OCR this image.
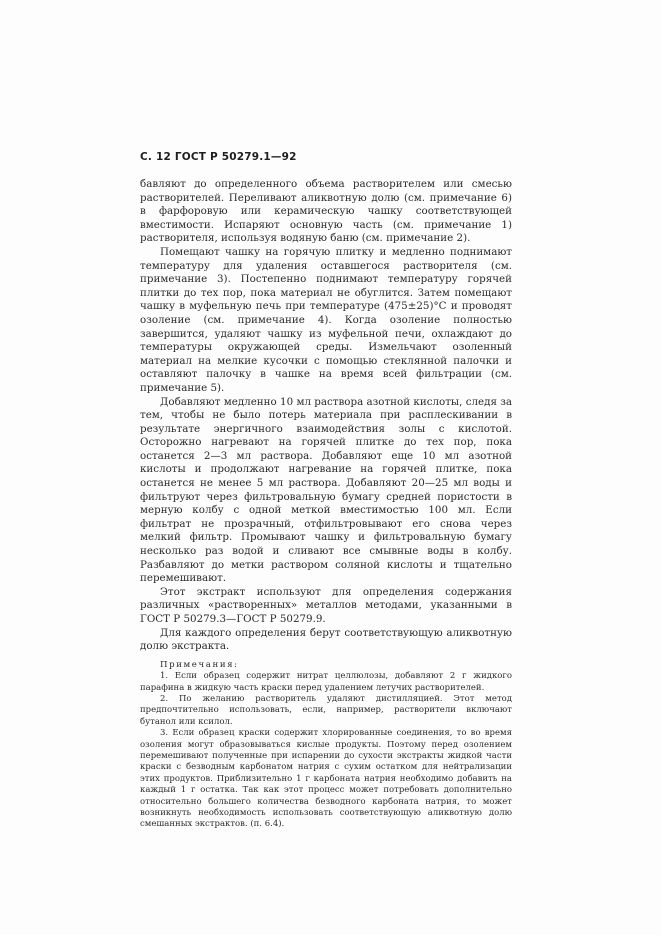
С. 12 ГОСТ Р 50279.1—92

бавляют до определенного объема растворителем или смесью растворителей. Переливают аликвотную долю (см. примечание 6) в фарфоровую или керамическую чашку соответствующей вместимости. Испаряют основную часть (см. примечание 1) растворителя, используя водяную баню (см. примечание 2).

Помещают чашку на горячую плитку и медленно поднимают температуру для удаления оставшегося растворителя (см. примечание 3). Постепенно поднимают температуру горячей плитки до тех пор, пока материал не обуглится. Затем помещают чашку в муфельную печь при температуре (475±25)°С и проводят озоление (см. примечание 4). Когда озоление полностью завершится, удаляют чашку из муфельной печи, охлаждают до температуры окружающей среды. Измельчают озоленный материал на мелкие кусочки с помощью стеклянной палочки и оставляют палочку в чашке на время всей фильтрации (см. примечание 5).

Добавляют медленно 10 мл раствора азотной кислоты, следя за тем, чтобы не было потерь материала при расплескивании в результате энергичного взаимодействия золы с кислотой. Осторожно нагревают на горячей плитке до тех пор, пока останется 2—3 мл раствора. Добавляют еще 10 мл азотной кислоты и продолжают нагревание на горячей плитке, пока останется не менее 5 мл раствора. Добавляют 20—25 мл воды и фильтруют через фильтровальную бумагу средней пористости в мерную колбу с одной меткой вместимостью 100 мл. Если фильтрат не прозрачный, отфильтровывают его снова через мелкий фильтр. Промывают чашку и фильтровальную бумагу несколько раз водой и сливают все смывные воды в колбу. Разбавляют до метки раствором соляной кислоты и тщательно перемешивают.

Этот экстракт используют для определения содержания различных «растворенных» металлов методами, указанными в ГОСТ Р 50279.3—ГОСТ Р 50279.9.

Для каждого определения берут соответствующую аликвотную долю экстракта.

Примечания:

1. Если образец содержит нитрат целлюлозы, добавляют 2 г жидкого парафина в жидкую часть краски перед удалением летучих растворителей.

2. По желанию растворитель удаляют дистилляцией. Этот метод предпочтительно использовать, если, например, растворители включают бутанол или ксилол.

3. Если образец краски содержит хлорированные соединения, то во время озоления могут образовываться кислые продукты. Поэтому перед озолением перемешивают полученные при испарении до сухости экстракты жидкой части краски с безводным карбонатом натрия с сухим остатком для нейтрализации этих продуктов. Приблизительно 1 г карбоната натрия необходимо добавить на каждый 1 г остатка. Так как этот процесс может потребовать дополнительно относительно большего количества безводного карбоната натрия, то может возникнуть необходимость использовать соответствующую аликвотную долю смешанных экстрактов. (п. 6.4).
